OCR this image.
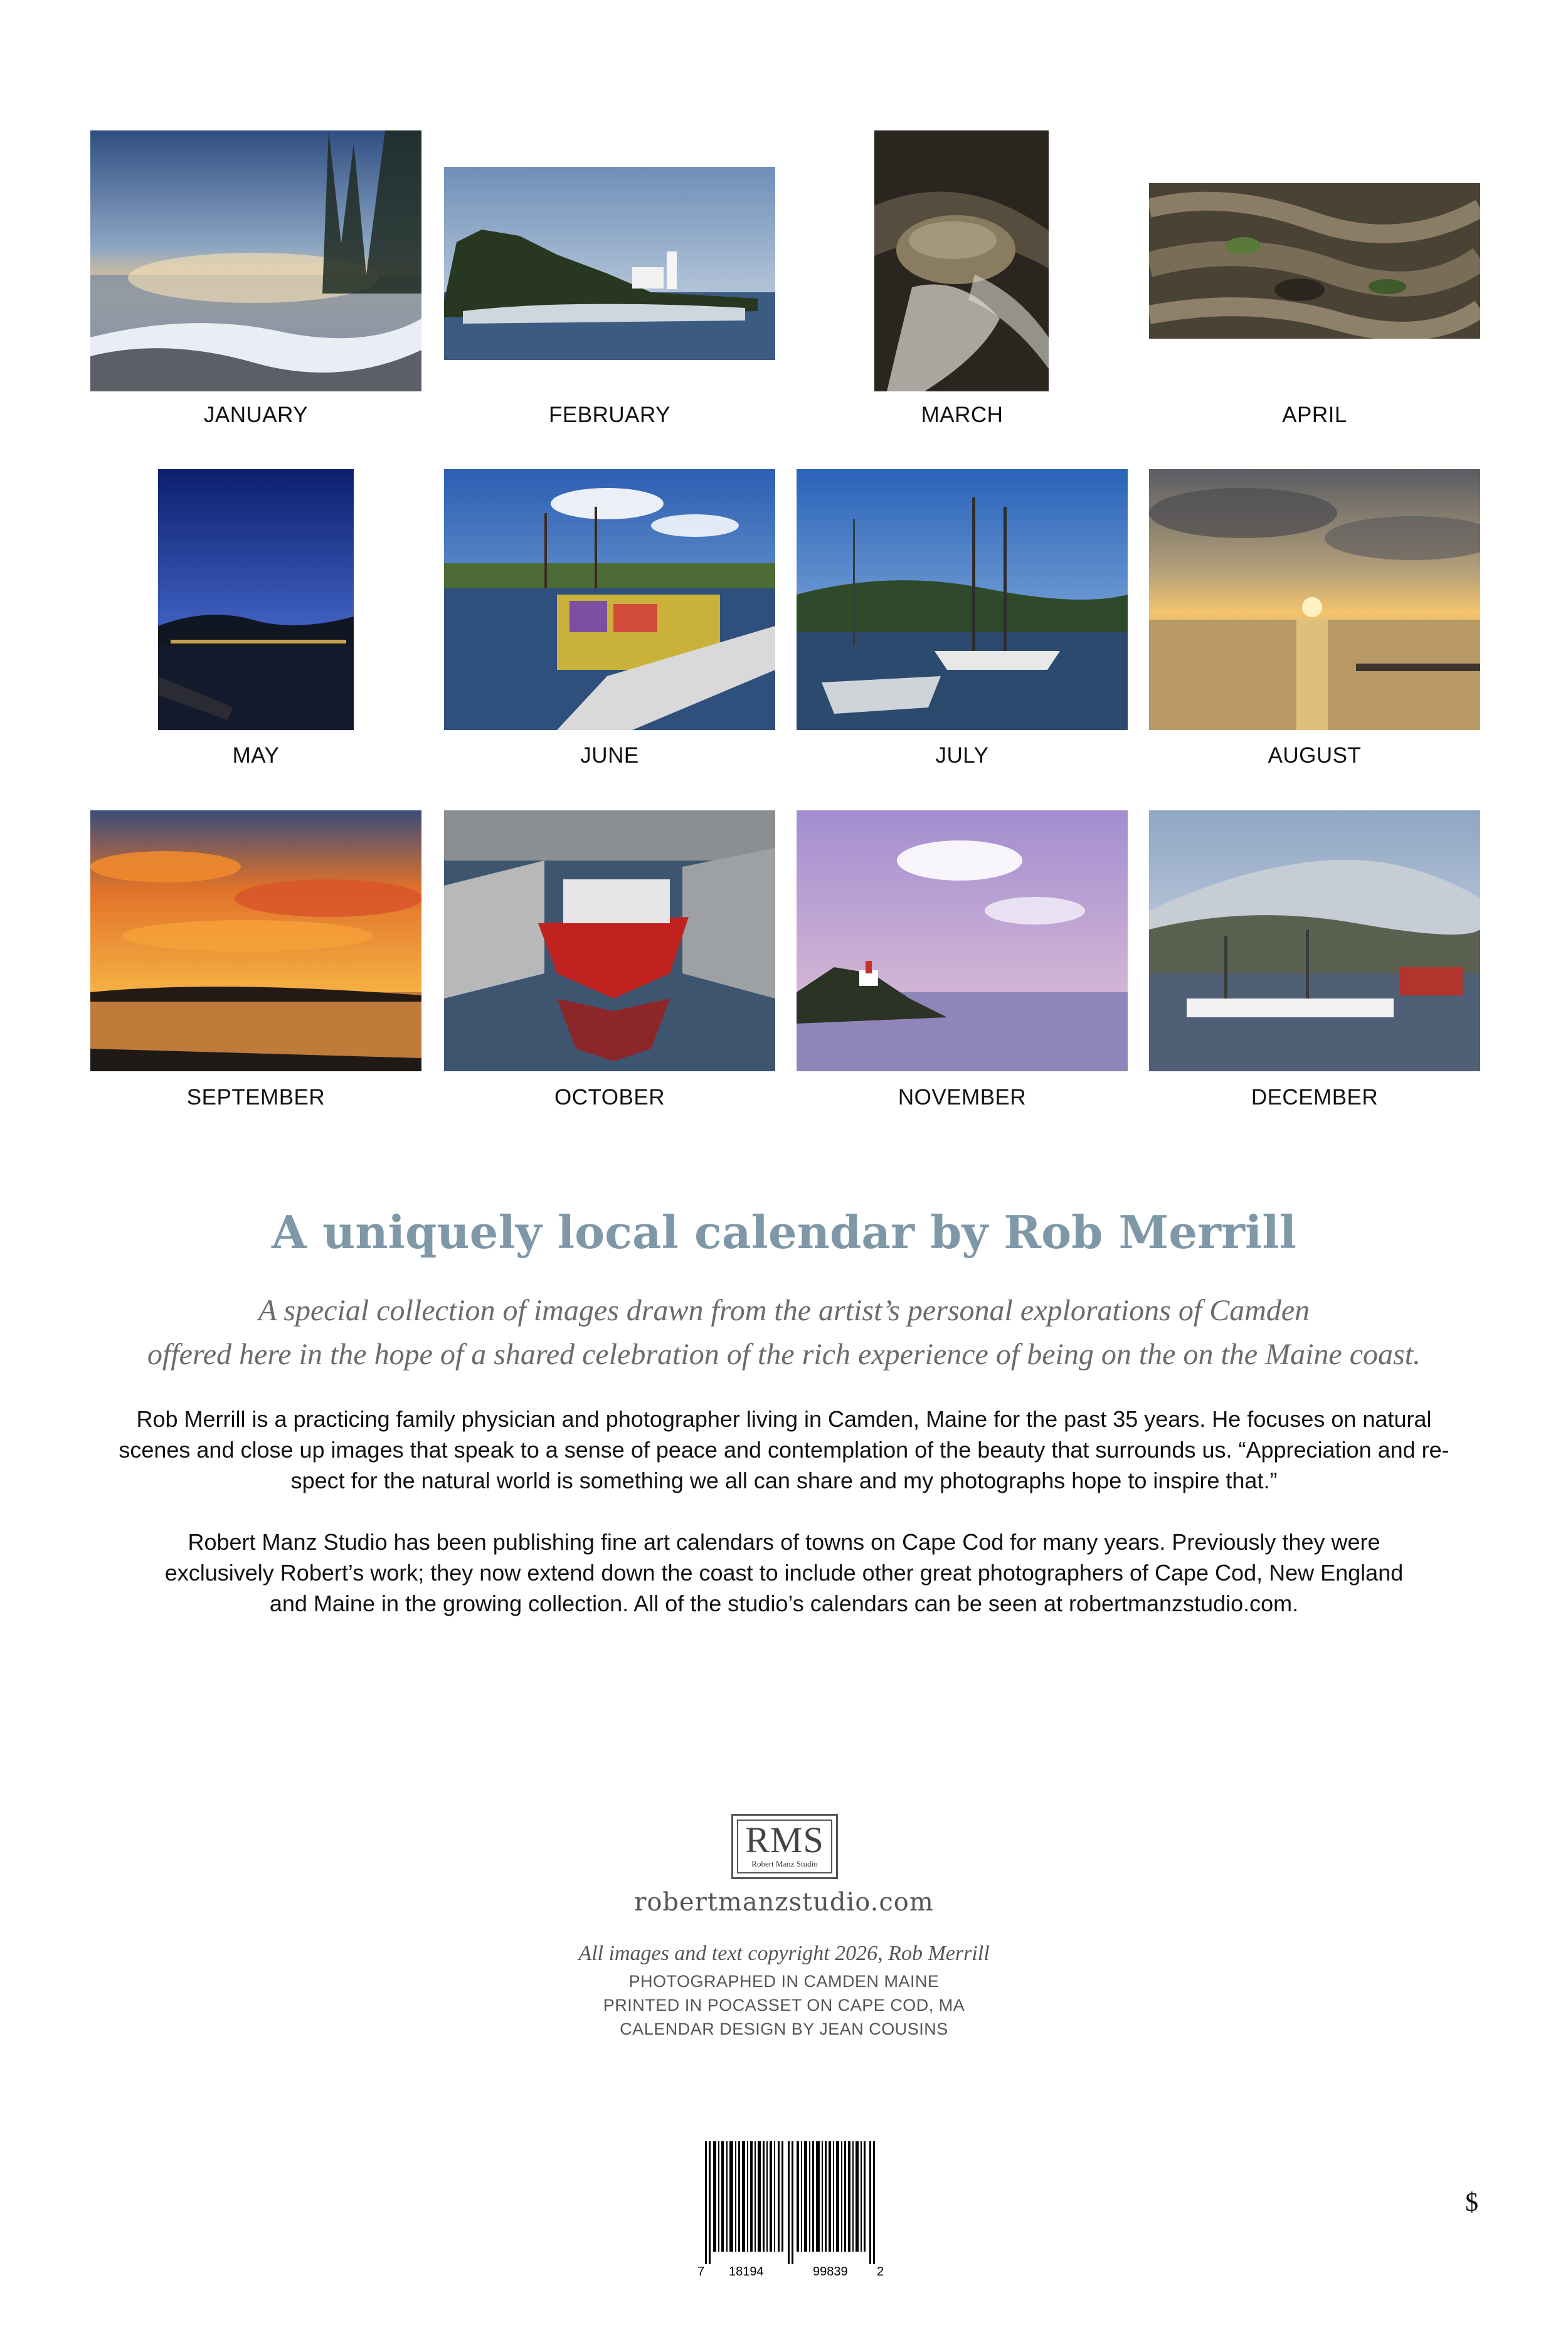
JANUARY	FEBRUARY	MARCH	APRIL
MAY	JUNE	JULY	AUGUST
SEPTEMBER	OCTOBER	NOVEMBER	DECEMBER
A uniquely local calendar by Rob Merrill
A special collection of images drawn from the artist’s personal explorations of Camden
offered here in the hope of a shared celebration of the rich experience of being on the on the Maine coast.
Rob Merrill is a practicing family physician and photographer living in Camden, Maine for the past 35 years. He focuses on natural
scenes and close up images that speak to a sense of peace and contemplation of the beauty that surrounds us. “Appreciation and re-
spect for the natural world is something we all can share and my photographs hope to inspire that.”
Robert Manz Studio has been publishing fine art calendars of towns on Cape Cod for many years. Previously they were
exclusively Robert’s work; they now extend down the coast to include other great photographers of Cape Cod, New England
and Maine in the growing collection. All of the studio’s calendars can be seen at robertmanzstudio.com.
RMS
Robert Manz Studio
robertmanzstudio.com
All images and text copyright 2026, Rob Merrill
PHOTOGRAPHED IN CAMDEN MAINE
PRINTED IN POCASSET ON CAPE COD, MA
CALENDAR DESIGN BY JEAN COUSINS
7 18194	99839 2
$
